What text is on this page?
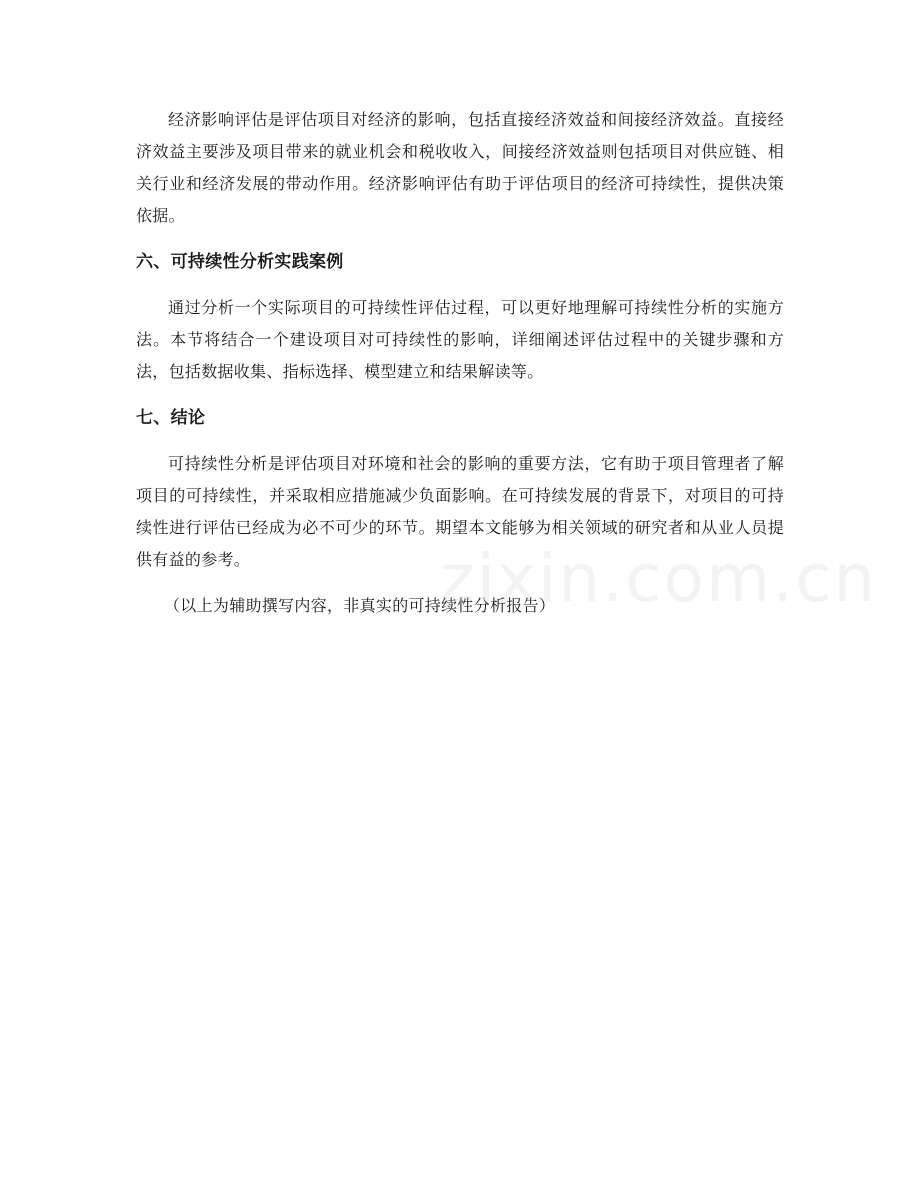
经济影响评估是评估项目对经济的影响，包括直接经济效益和间接经济效益。直接经济效益主要涉及项目带来的就业机会和税收收入，间接经济效益则包括项目对供应链、相关行业和经济发展的带动作用。经济影响评估有助于评估项目的经济可持续性，提供决策依据。

六、可持续性分析实践案例

通过分析一个实际项目的可持续性评估过程，可以更好地理解可持续性分析的实施方法。本节将结合一个建设项目对可持续性的影响，详细阐述评估过程中的关键步骤和方法，包括数据收集、指标选择、模型建立和结果解读等。

七、结论

可持续性分析是评估项目对环境和社会的影响的重要方法，它有助于项目管理者了解项目的可持续性，并采取相应措施减少负面影响。在可持续发展的背景下，对项目的可持续性进行评估已经成为必不可少的环节。期望本文能够为相关领域的研究者和从业人员提供有益的参考。

（以上为辅助撰写内容，非真实的可持续性分析报告）

zixin.com.cn
